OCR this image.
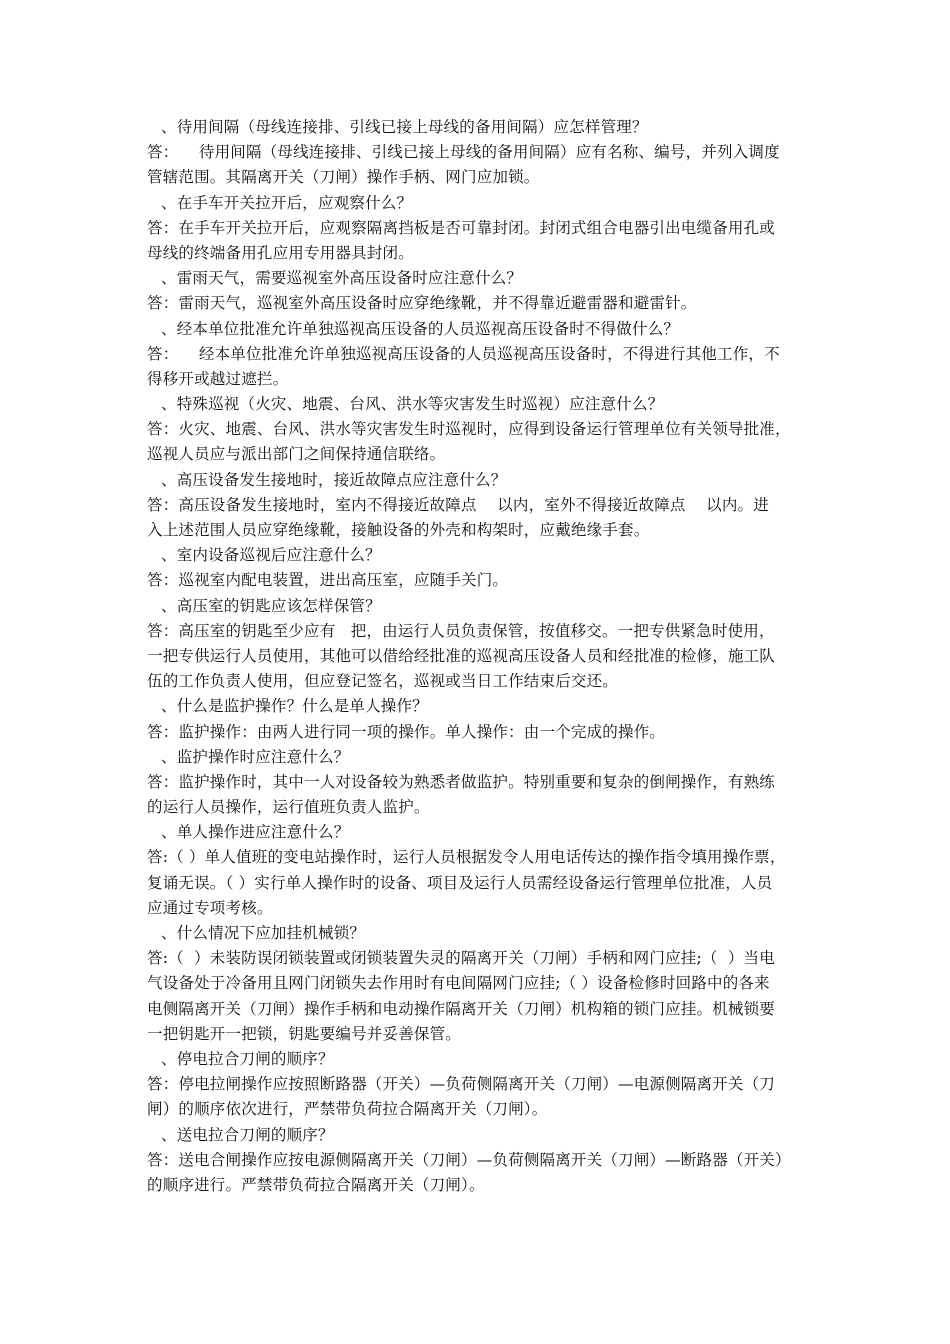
、待用间隔（母线连接排、引线已接上母线的备用间隔）应怎样管理？
答：    待用间隔（母线连接排、引线已接上母线的备用间隔）应有名称、编号，并列入调度
管辖范围。其隔离开关（刀闸）操作手柄、网门应加锁。
、在手车开关拉开后，应观察什么？
答：在手车开关拉开后，应观察隔离挡板是否可靠封闭。封闭式组合电器引出电缆备用孔或
母线的终端备用孔应用专用器具封闭。
、雷雨天气，需要巡视室外高压设备时应注意什么？
答：雷雨天气，巡视室外高压设备时应穿绝缘靴，并不得靠近避雷器和避雷针。
、经本单位批准允许单独巡视高压设备的人员巡视高压设备时不得做什么？
答：    经本单位批准允许单独巡视高压设备的人员巡视高压设备时，不得进行其他工作，不
得移开或越过遮拦。
、特殊巡视（火灾、地震、台风、洪水等灾害发生时巡视）应注意什么？
答：火灾、地震、台风、洪水等灾害发生时巡视时，应得到设备运行管理单位有关领导批准，
巡视人员应与派出部门之间保持通信联络。
、高压设备发生接地时，接近故障点应注意什么？
答：高压设备发生接地时，室内不得接近故障点    以内，室外不得接近故障点    以内。进
入上述范围人员应穿绝缘靴，接触设备的外壳和构架时，应戴绝缘手套。
、室内设备巡视后应注意什么？
答：巡视室内配电装置，进出高压室，应随手关门。
、高压室的钥匙应该怎样保管？
答：高压室的钥匙至少应有   把，由运行人员负责保管，按值移交。一把专供紧急时使用，
一把专供运行人员使用，其他可以借给经批准的巡视高压设备人员和经批准的检修，施工队
伍的工作负责人使用，但应登记签名，巡视或当日工作结束后交还。
、什么是监护操作？什么是单人操作？
答：监护操作：由两人进行同一项的操作。单人操作：由一个完成的操作。
、监护操作时应注意什么？
答：监护操作时，其中一人对设备较为熟悉者做监护。特别重要和复杂的倒闸操作，有熟练
的运行人员操作，运行值班负责人监护。
、单人操作进应注意什么？
答:（ ）单人值班的变电站操作时，运行人员根据发令人用电话传达的操作指令填用操作票，
复诵无误。（ ）实行单人操作时的设备、项目及运行人员需经设备运行管理单位批准，人员
应通过专项考核。
、什么情况下应加挂机械锁？
答:（  ）未装防误闭锁装置或闭锁装置失灵的隔离开关（刀闸）手柄和网门应挂;（  ）当电
气设备处于冷备用且网门闭锁失去作用时有电间隔网门应挂;（ ）设备检修时回路中的各来
电侧隔离开关（刀闸）操作手柄和电动操作隔离开关（刀闸）机构箱的锁门应挂。机械锁要
一把钥匙开一把锁，钥匙要编号并妥善保管。
、停电拉合刀闸的顺序？
答：停电拉闸操作应按照断路器（开关）—负荷侧隔离开关（刀闸）—电源侧隔离开关（刀
闸）的顺序依次进行，严禁带负荷拉合隔离开关（刀闸）。
、送电拉合刀闸的顺序？
答：送电合闸操作应按电源侧隔离开关（刀闸）—负荷侧隔离开关（刀闸）—断路器（开关）
的顺序进行。严禁带负荷拉合隔离开关（刀闸）。
